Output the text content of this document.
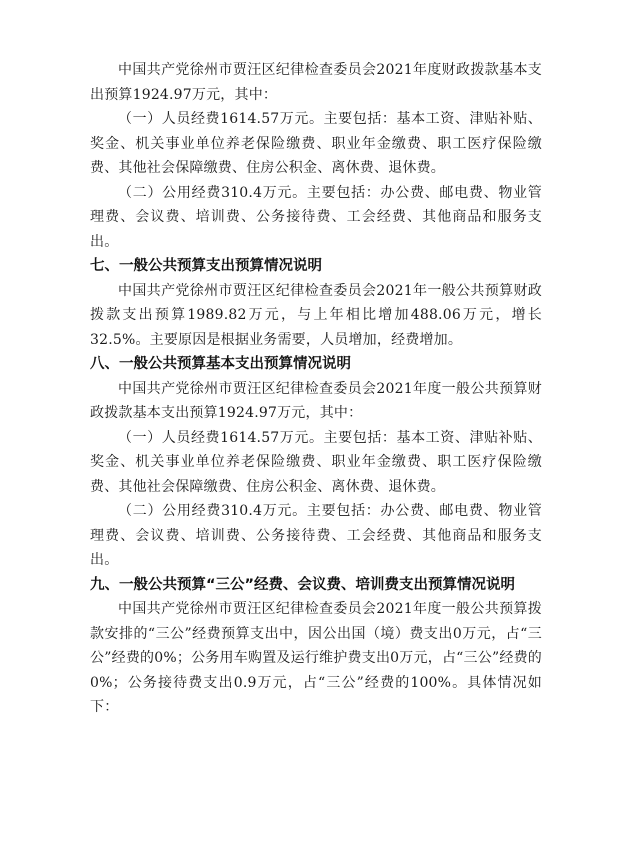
中国共产党徐州市贾汪区纪律检查委员会2021年度财政拨款基本支出预算1924.97万元，其中：

（一）人员经费1614.57万元。主要包括：基本工资、津贴补贴、奖金、机关事业单位养老保险缴费、职业年金缴费、职工医疗保险缴费、其他社会保障缴费、住房公积金、离休费、退休费。

（二）公用经费310.4万元。主要包括：办公费、邮电费、物业管理费、会议费、培训费、公务接待费、工会经费、其他商品和服务支出。

七、一般公共预算支出预算情况说明

中国共产党徐州市贾汪区纪律检查委员会2021年一般公共预算财政拨款支出预算1989.82万元，与上年相比增加488.06万元，增长32.5%。主要原因是根据业务需要，人员增加，经费增加。

八、一般公共预算基本支出预算情况说明

中国共产党徐州市贾汪区纪律检查委员会2021年度一般公共预算财政拨款基本支出预算1924.97万元，其中：

（一）人员经费1614.57万元。主要包括：基本工资、津贴补贴、奖金、机关事业单位养老保险缴费、职业年金缴费、职工医疗保险缴费、其他社会保障缴费、住房公积金、离休费、退休费。

（二）公用经费310.4万元。主要包括：办公费、邮电费、物业管理费、会议费、培训费、公务接待费、工会经费、其他商品和服务支出。

九、一般公共预算“三公”经费、会议费、培训费支出预算情况说明

中国共产党徐州市贾汪区纪律检查委员会2021年度一般公共预算拨款安排的“三公”经费预算支出中，因公出国（境）费支出0万元，占“三公”经费的0%；公务用车购置及运行维护费支出0万元，占“三公”经费的0%；公务接待费支出0.9万元，占“三公”经费的100%。具体情况如下：
